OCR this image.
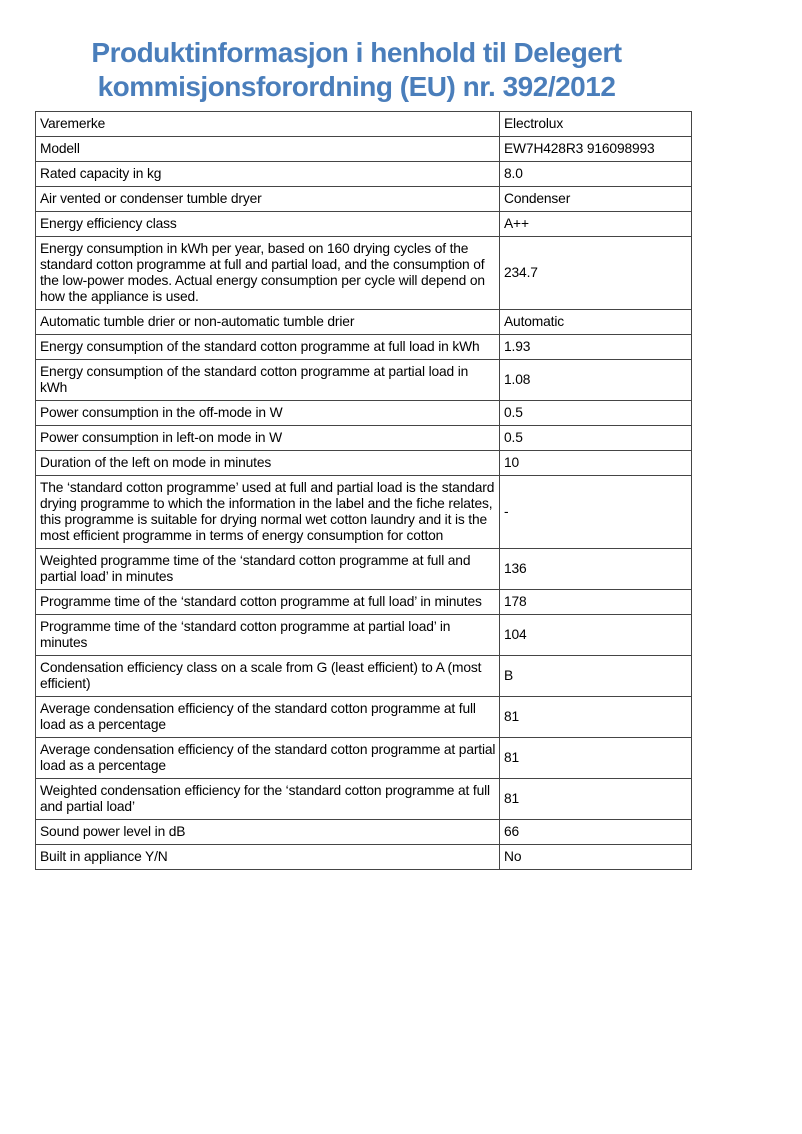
Produktinformasjon i henhold til Delegert
kommisjonsforordning (EU) nr. 392/2012
Varemerke	Electrolux
Modell	EW7H428R3 916098993
Rated capacity in kg	8.0
Air vented or condenser tumble dryer	Condenser
Energy efficiency class	A++
Energy consumption in kWh per year, based on 160 drying cycles of the standard cotton programme at full and partial load, and the consumption of the low-power modes. Actual energy consumption per cycle will depend on how the appliance is used.	234.7
Automatic tumble drier or non-automatic tumble drier	Automatic
Energy consumption of the standard cotton programme at full load in kWh	1.93
Energy consumption of the standard cotton programme at partial load in kWh	1.08
Power consumption in the off-mode in W	0.5
Power consumption in left-on mode in W	0.5
Duration of the left on mode in minutes	10
The ‘standard cotton programme’ used at full and partial load is the standard drying programme to which the information in the label and the fiche relates, this programme is suitable for drying normal wet cotton laundry and it is the most efficient programme in terms of energy consumption for cotton	-
Weighted programme time of the ‘standard cotton programme at full and partial load’ in minutes	136
Programme time of the ‘standard cotton programme at full load’ in minutes	178
Programme time of the ‘standard cotton programme at partial load’ in minutes	104
Condensation efficiency class on a scale from G (least efficient) to A (most efficient)	B
Average condensation efficiency of the standard cotton programme at full load as a percentage	81
Average condensation efficiency of the standard cotton programme at partial load as a percentage	81
Weighted condensation efficiency for the ‘standard cotton programme at full and partial load’	81
Sound power level in dB	66
Built in appliance Y/N	No
